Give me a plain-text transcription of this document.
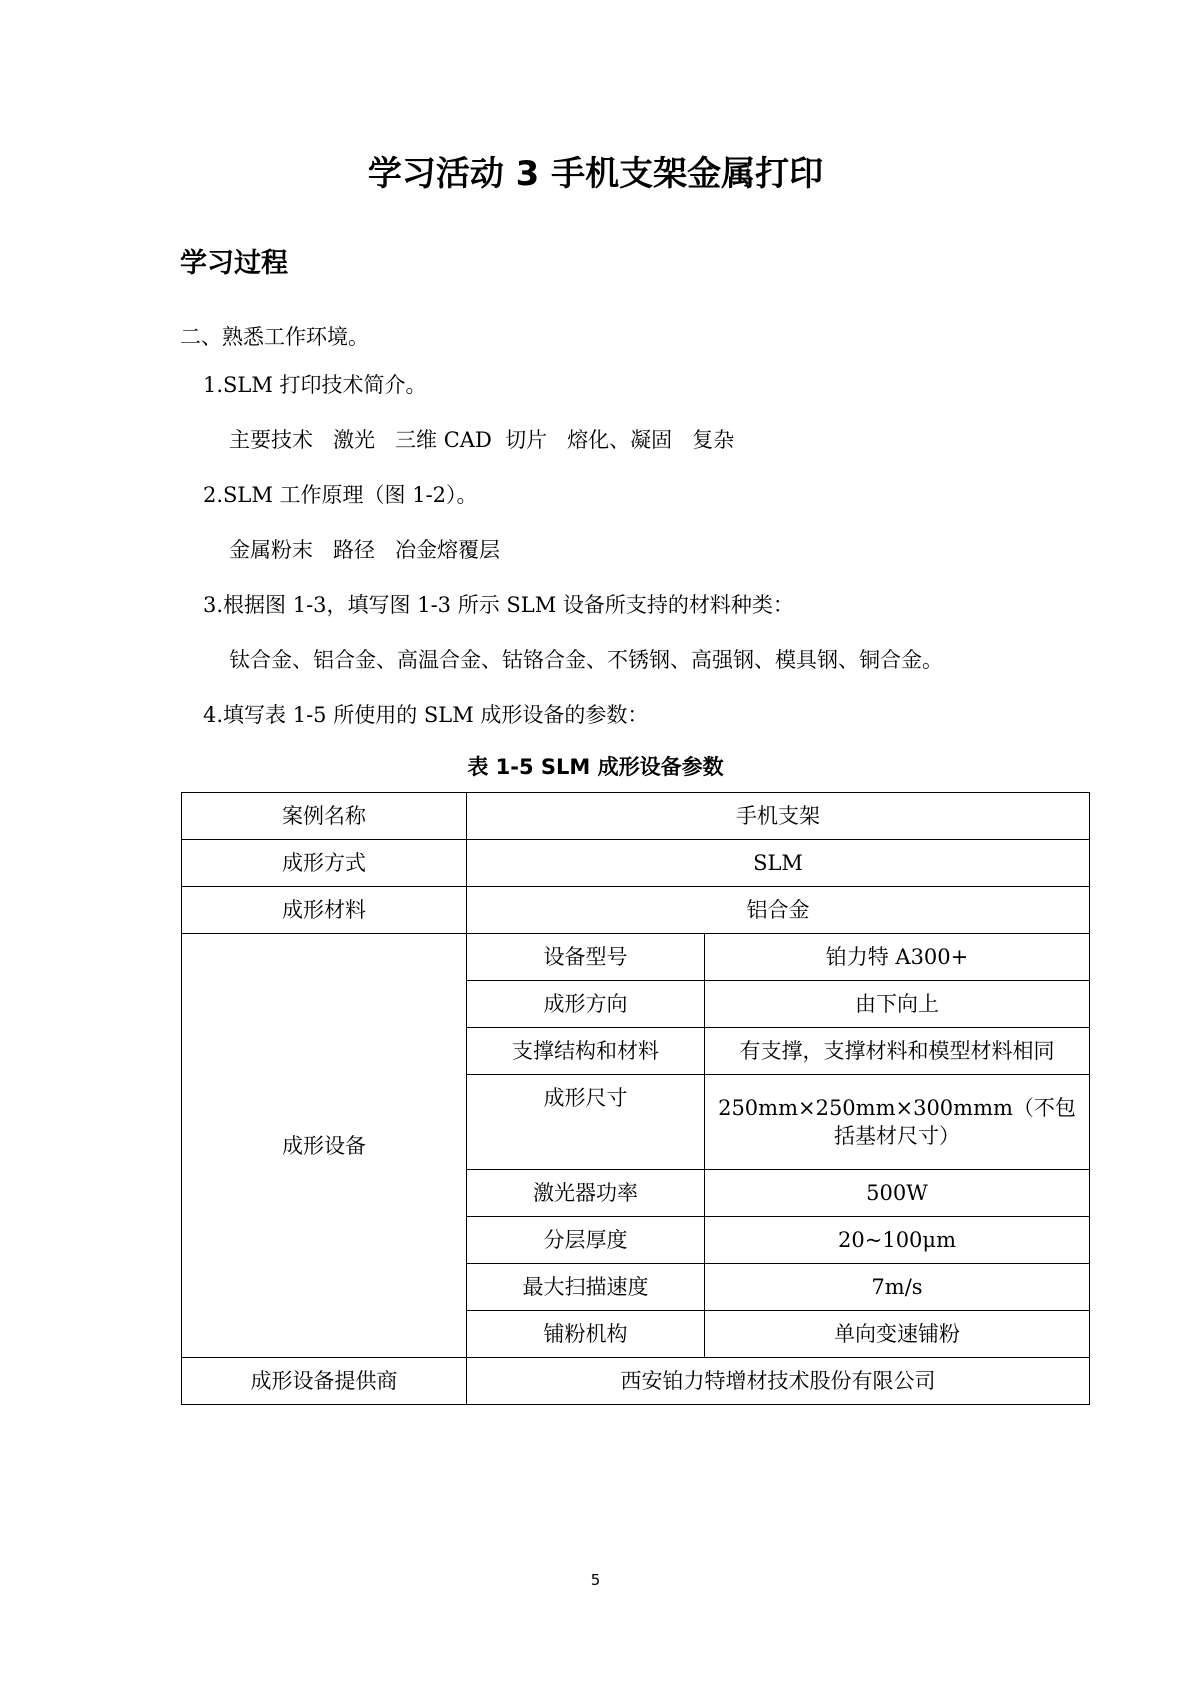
学习活动 3 手机支架金属打印
学习过程

二、熟悉工作环境。

1.SLM 打印技术简介。

主要技术   激光   三维 CAD  切片   熔化、凝固   复杂

2.SLM 工作原理（图 1-2）。

金属粉末   路径   冶金熔覆层

3.根据图 1-3，填写图 1-3 所示 SLM 设备所支持的材料种类：

钛合金、铝合金、高温合金、钴铬合金、不锈钢、高强钢、模具钢、铜合金。

4.填写表 1-5 所使用的 SLM 成形设备的参数：

表 1-5 SLM 成形设备参数

案例名称	手机支架	
成形方式	SLM	
成形材料	铝合金	
成形设备	设备型号	铂力特 A300+
	成形方向	由下向上
	支撑结构和材料	有支撑，支撑材料和模型材料相同
	成形尺寸	250mm×250mm×300mmm（不包括基材尺寸）
	激光器功率	500W
	分层厚度	20~100μm
	最大扫描速度	7m/s
	铺粉机构	单向变速铺粉
成形设备提供商	西安铂力特增材技术股份有限公司	

5
